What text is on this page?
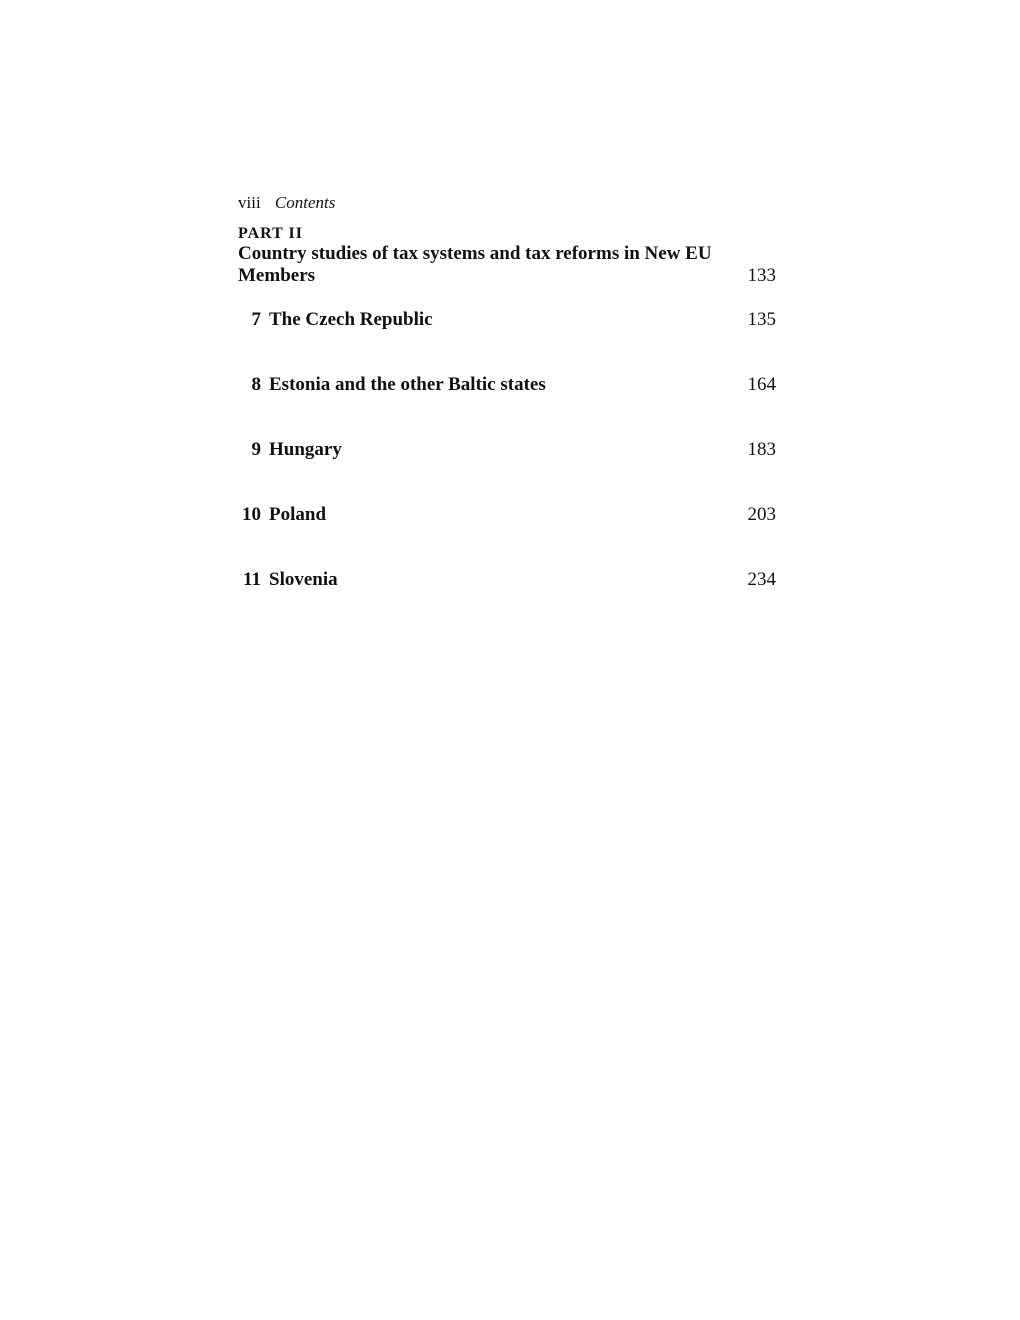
viii Contents
PART II
Country studies of tax systems and tax reforms in New EU Members	133
7 The Czech Republic	135
8 Estonia and the other Baltic states	164
9 Hungary	183
10 Poland	203
11 Slovenia	234
